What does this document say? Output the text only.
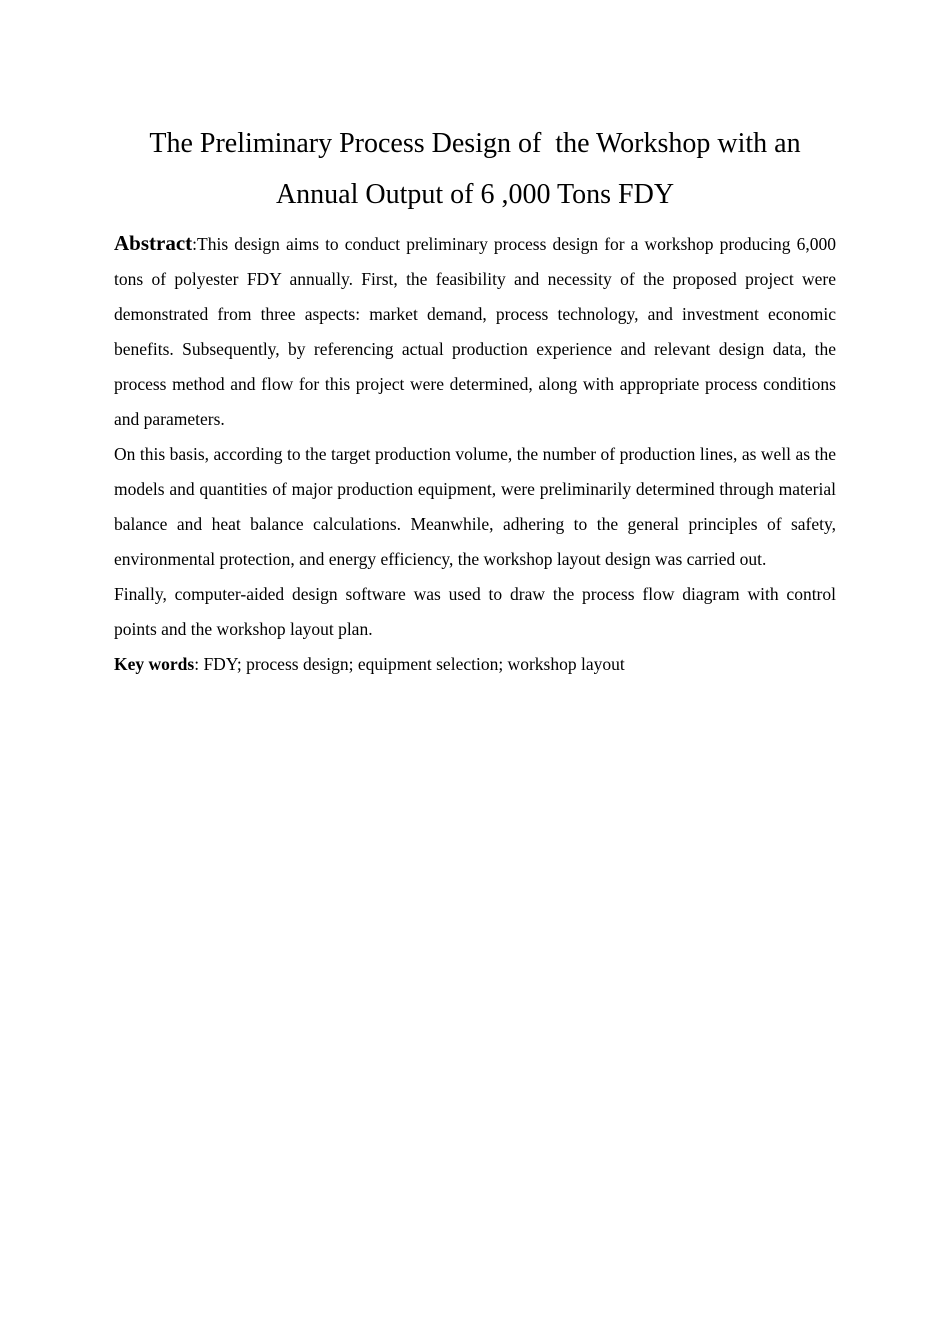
The Preliminary Process Design of  the Workshop with an
Annual Output of 6 ,000 Tons FDY

Abstract:This design aims to conduct preliminary process design for a workshop producing 6,000 tons of polyester FDY annually. First, the feasibility and necessity of the proposed project were demonstrated from three aspects: market demand, process technology, and investment economic benefits. Subsequently, by referencing actual production experience and relevant design data, the process method and flow for this project were determined, along with appropriate process conditions and parameters.

On this basis, according to the target production volume, the number of production lines, as well as the models and quantities of major production equipment, were preliminarily determined through material balance and heat balance calculations. Meanwhile, adhering to the general principles of safety, environmental protection, and energy efficiency, the workshop layout design was carried out.

Finally, computer-aided design software was used to draw the process flow diagram with control points and the workshop layout plan.

Key words: FDY; process design; equipment selection; workshop layout
